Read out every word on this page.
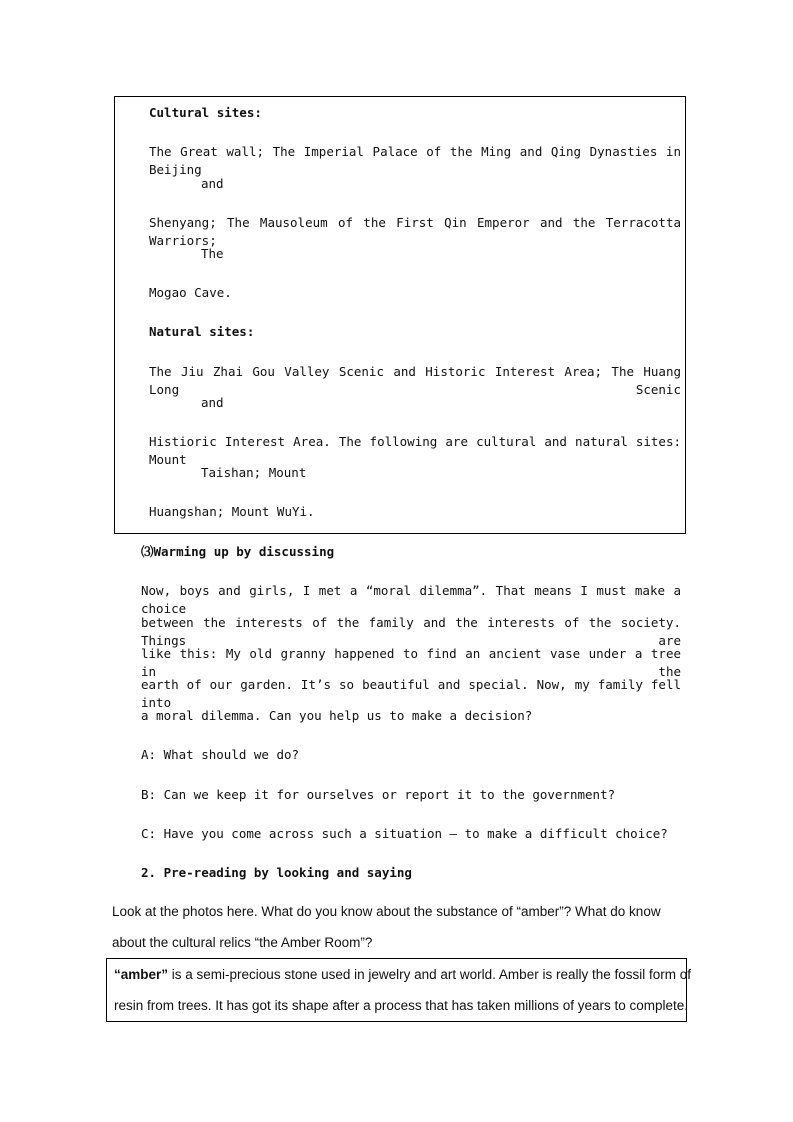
Cultural sites:
The Great wall; The Imperial Palace of the Ming and Qing Dynasties in Beijing
and
Shenyang; The Mausoleum of the First Qin Emperor and the Terracotta Warriors;
The
Mogao Cave.
Natural sites:
The Jiu Zhai Gou Valley Scenic and Historic Interest Area; The Huang Long Scenic
and
Histioric Interest Area. The following are cultural and natural sites: Mount
Taishan; Mount
Huangshan; Mount WuYi.
⑶Warming up by discussing
Now, boys and girls, I met a “moral dilemma”. That means I must make a choice
between the interests of the family and the interests of the society. Things are
like this: My old granny happened to find an ancient vase under a tree in the
earth of our garden. It’s so beautiful and special. Now, my family fell into
a moral dilemma. Can you help us to make a decision?
A: What should we do?
B: Can we keep it for ourselves or report it to the government?
C: Have you come across such a situation — to make a difficult choice?
2. Pre-reading by looking and saying
Look at the photos here. What do you know about the substance of “amber”? What do know
about the cultural relics “the Amber Room”?
“amber” is a semi-precious stone used in jewelry and art world. Amber is really the fossil form of
resin from trees. It has got its shape after a process that has taken millions of years to complete.
